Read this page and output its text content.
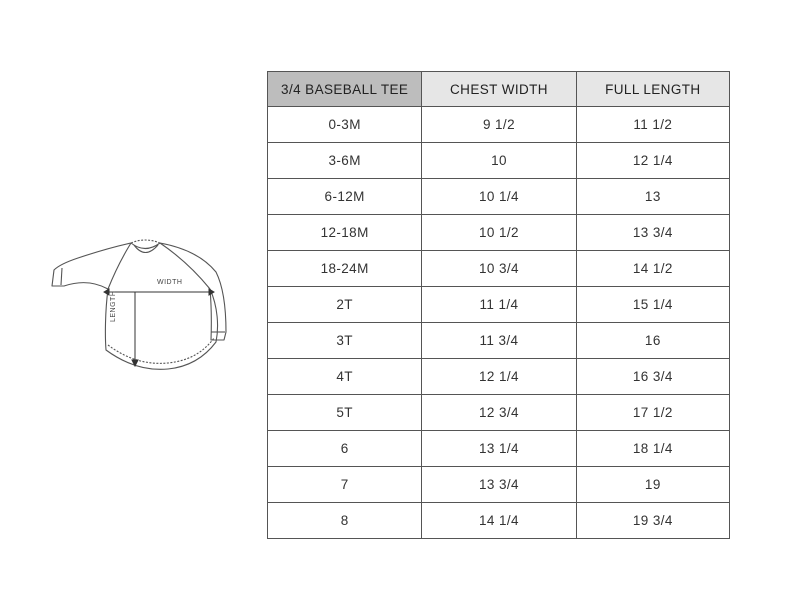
WIDTH
LENGTH
3/4 BASEBALL TEE	CHEST WIDTH	FULL LENGTH
0-3M	9 1/2	11 1/2
3-6M	10	12 1/4
6-12M	10 1/4	13
12-18M	10 1/2	13 3/4
18-24M	10 3/4	14 1/2
2T	11 1/4	15 1/4
3T	11 3/4	16
4T	12 1/4	16 3/4
5T	12 3/4	17 1/2
6	13 1/4	18 1/4
7	13 3/4	19
8	14 1/4	19 3/4
